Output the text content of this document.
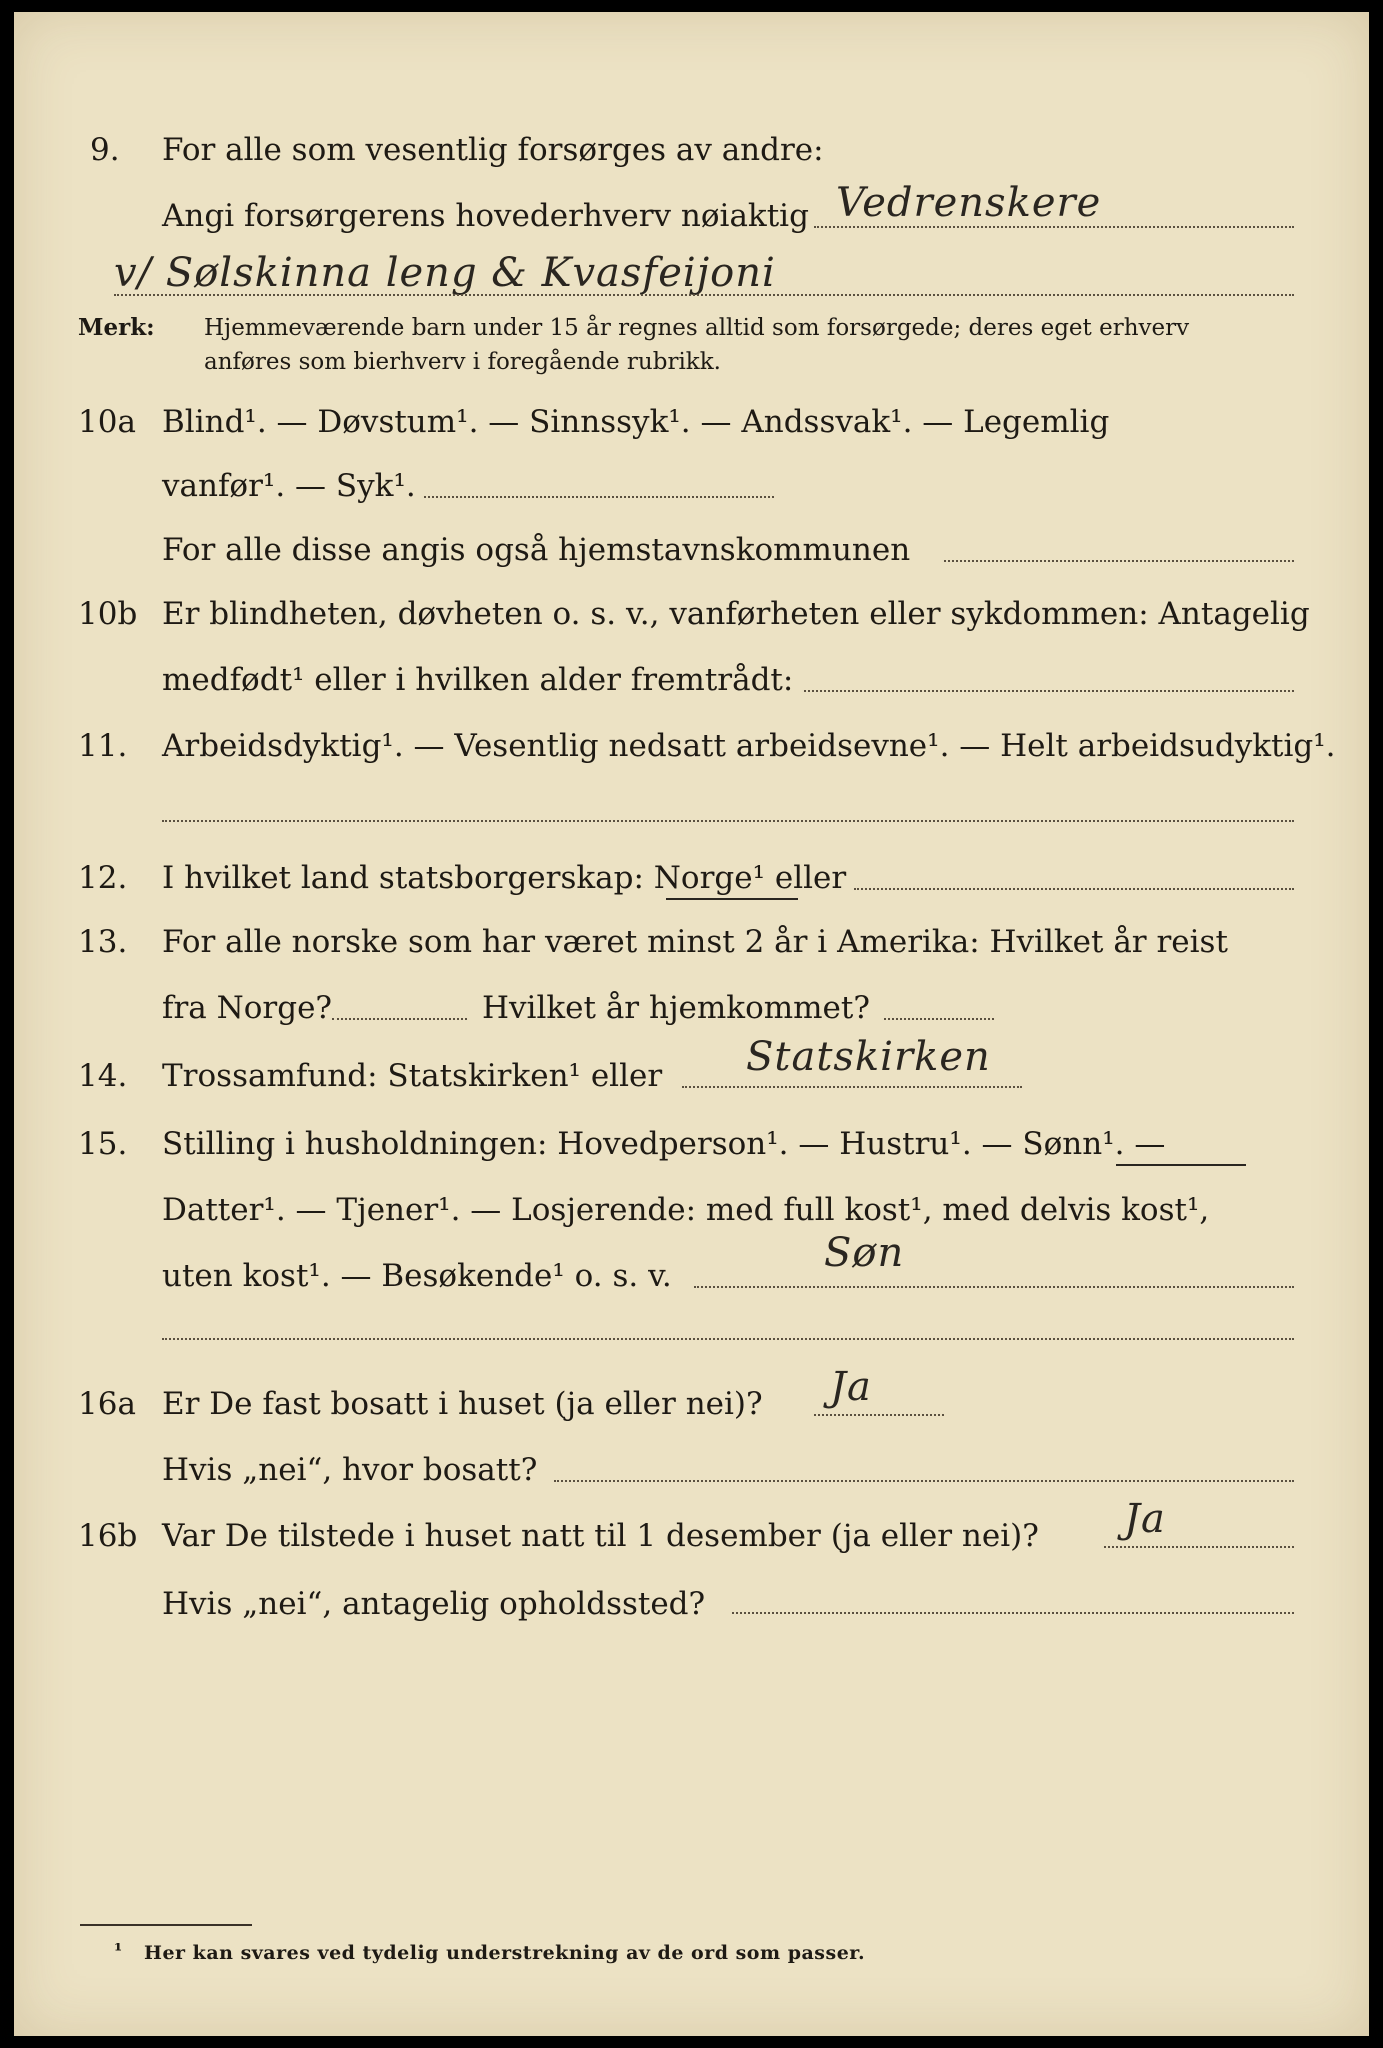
9. For alle som vesentlig forsørges av andre:
Angi forsørgerens hovederhverv nøiaktig Vedrenskere
v/ Sølskinna leng & Kvasfeijoni
Merk: Hjemmeværende barn under 15 år regnes alltid som forsørgede; deres eget erhverv
anføres som bierhverv i foregående rubrikk.
10a Blind¹. — Døvstum¹. — Sinnssyk¹. — Andssvak¹. — Legemlig
vanfør¹. — Syk¹.
For alle disse angis også hjemstavnskommunen
10b Er blindheten, døvheten o. s. v., vanførheten eller sykdommen: Antagelig
medfødt¹ eller i hvilken alder fremtrådt:
11. Arbeidsdyktig¹. — Vesentlig nedsatt arbeidsevne¹. — Helt arbeidsudyktig¹.
12. I hvilket land statsborgerskap: Norge¹ eller
13. For alle norske som har været minst 2 år i Amerika: Hvilket år reist
fra Norge?	Hvilket år hjemkommet?
14. Trossamfund: Statskirken¹ eller Statskirken
15. Stilling i husholdningen: Hovedperson¹. — Hustru¹. — Sønn¹. —
Datter¹. — Tjener¹. — Losjerende: med full kost¹, med delvis kost¹,
uten kost¹. — Besøkende¹ o. s. v.	Søn
16a Er De fast bosatt i huset (ja eller nei)? Ja
Hvis „nei“, hvor bosatt?
16b Var De tilstede i huset natt til 1 desember (ja eller nei)? Ja
Hvis „nei“, antagelig opholdssted?
¹ Her kan svares ved tydelig understrekning av de ord som passer.
